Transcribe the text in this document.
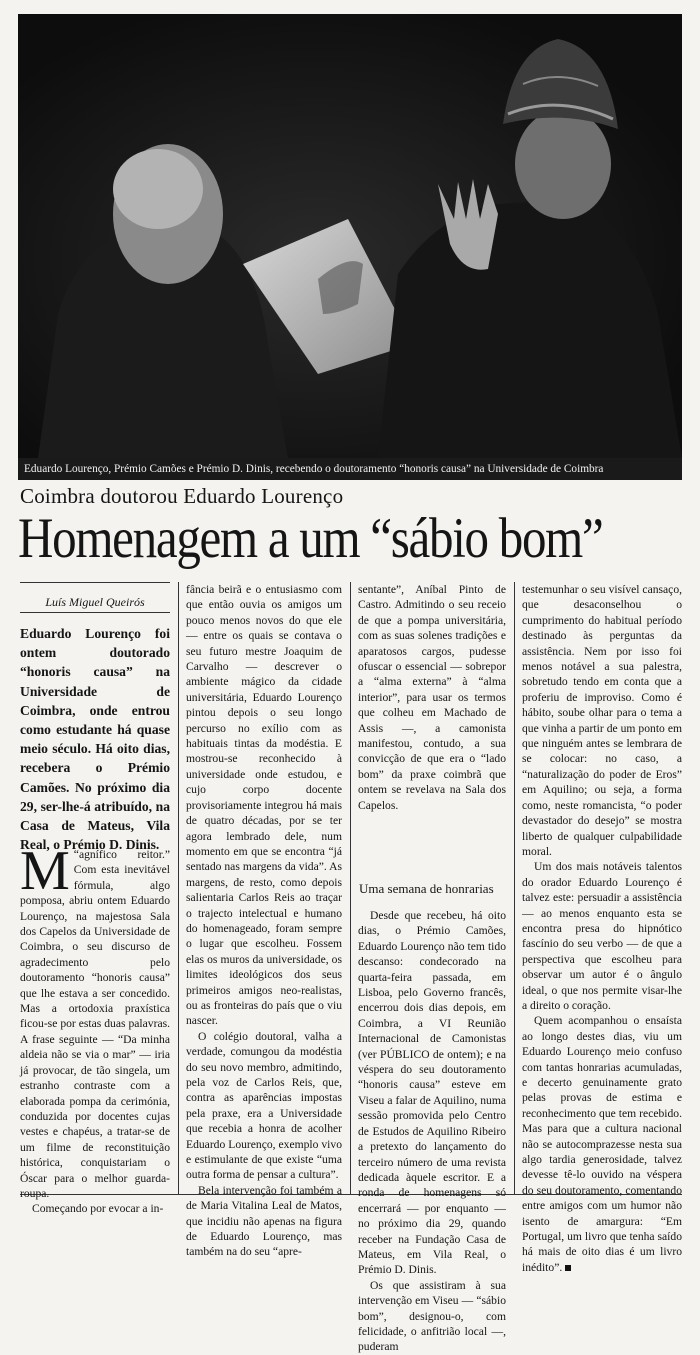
Eduardo Lourenço, Prémio Camões e Prémio D. Dinis, recebendo o doutoramento “honoris causa” na Universidade de Coimbra
Coimbra doutorou Eduardo Lourenço
Homenagem a um “sábio bom”
Luís Miguel Queirós
Eduardo Lourenço foi ontem doutorado “honoris causa” na Universidade de Coimbra, onde entrou como estudante há quase meio século. Há oito dias, recebera o Prémio Camões. No próximo dia 29, ser-lhe-á atribuído, na Casa de Mateus, Vila Real, o Prémio D. Dinis.
M “agnífico reitor.” Com esta inevitável fórmula, algo pomposa, abriu ontem Eduardo Lourenço, na majestosa Sala dos Capelos da Universidade de Coimbra, o seu discurso de agradecimento pelo doutoramento “honoris causa” que lhe estava a ser concedido. Mas a ortodoxia praxística ficou-se por estas duas palavras. A frase seguinte — “Da minha aldeia não se via o mar” — iria já provocar, de tão singela, um estranho contraste com a elaborada pompa da cerimónia, conduzida por docentes cujas vestes e chapéus, a tratar-se de um filme de reconstituição histórica, conquistariam o Óscar para o melhor guarda-roupa.

Começando por evocar a in-

fância beirã e o entusiasmo com que então ouvia os amigos um pouco menos novos do que ele — entre os quais se contava o seu futuro mestre Joaquim de Carvalho — descrever o ambiente mágico da cidade universitária, Eduardo Lourenço pintou depois o seu longo percurso no exílio com as habituais tintas da modéstia. E mostrou-se reconhecido à universidade onde estudou, e cujo corpo docente provisoriamente integrou há mais de quatro décadas, por se ter agora lembrado dele, num momento em que se encontra “já sentado nas margens da vida”. As margens, de resto, como depois salientaria Carlos Reis ao traçar o trajecto intelectual e humano do homenageado, foram sempre o lugar que escolheu. Fossem elas os muros da universidade, os limites ideológicos dos seus primeiros amigos neo-realistas, ou as fronteiras do país que o viu nascer.

O colégio doutoral, valha a verdade, comungou da modéstia do seu novo membro, admitindo, pela voz de Carlos Reis, que, contra as aparências impostas pela praxe, era a Universidade que recebia a honra de acolher Eduardo Lourenço, exemplo vivo e estimulante de que existe “uma outra forma de pensar a cultura”.

Bela intervenção foi também a de Maria Vitalina Leal de Matos, que incidiu não apenas na figura de Eduardo Lourenço, mas também na do seu “apre-

sentante”, Aníbal Pinto de Castro. Admitindo o seu receio de que a pompa universitária, com as suas solenes tradições e aparatosos cargos, pudesse ofuscar o essencial — sobrepor a “alma externa” à “alma interior”, para usar os termos que colheu em Machado de Assis —, a camonista manifestou, contudo, a sua convicção de que era o “lado bom” da praxe coimbrã que ontem se revelava na Sala dos Capelos.

Uma semana de honrarias

Desde que recebeu, há oito dias, o Prémio Camões, Eduardo Lourenço não tem tido descanso: condecorado na quarta-feira passada, em Lisboa, pelo Governo francês, encerrou dois dias depois, em Coimbra, a VI Reunião Internacional de Camonistas (ver PÚBLICO de ontem); e na véspera do seu doutoramento “honoris causa” esteve em Viseu a falar de Aquilino, numa sessão promovida pelo Centro de Estudos de Aquilino Ribeiro a pretexto do lançamento do terceiro número de uma revista dedicada àquele escritor. E a ronda de homenagens só encerrará — por enquanto — no próximo dia 29, quando receber na Fundação Casa de Mateus, em Vila Real, o Prémio D. Dinis.

Os que assistiram à sua intervenção em Viseu — “sábio bom”, designou-o, com felicidade, o anfitrião local —, puderam

testemunhar o seu visível cansaço, que desaconselhou o cumprimento do habitual período destinado às perguntas da assistência. Nem por isso foi menos notável a sua palestra, sobretudo tendo em conta que a proferiu de improviso. Como é hábito, soube olhar para o tema a que vinha a partir de um ponto em que ninguém antes se lembrara de se colocar: no caso, a “naturalização do poder de Eros” em Aquilino; ou seja, a forma como, neste romancista, “o poder devastador do desejo” se mostra liberto de qualquer culpabilidade moral.

Um dos mais notáveis talentos do orador Eduardo Lourenço é talvez este: persuadir a assistência — ao menos enquanto esta se encontra presa do hipnótico fascínio do seu verbo — de que a perspectiva que escolheu para observar um autor é o ângulo ideal, o que nos permite visar-lhe a direito o coração.

Quem acompanhou o ensaísta ao longo destes dias, viu um Eduardo Lourenço meio confuso com tantas honrarias acumuladas, e decerto genuinamente grato pelas provas de estima e reconhecimento que tem recebido. Mas para que a cultura nacional não se autocomprazesse nesta sua algo tardia generosidade, talvez devesse tê-lo ouvido na véspera do seu doutoramento, comentando entre amigos com um humor não isento de amargura: “Em Portugal, um livro que tenha saído há mais de oito dias é um livro inédito”.
